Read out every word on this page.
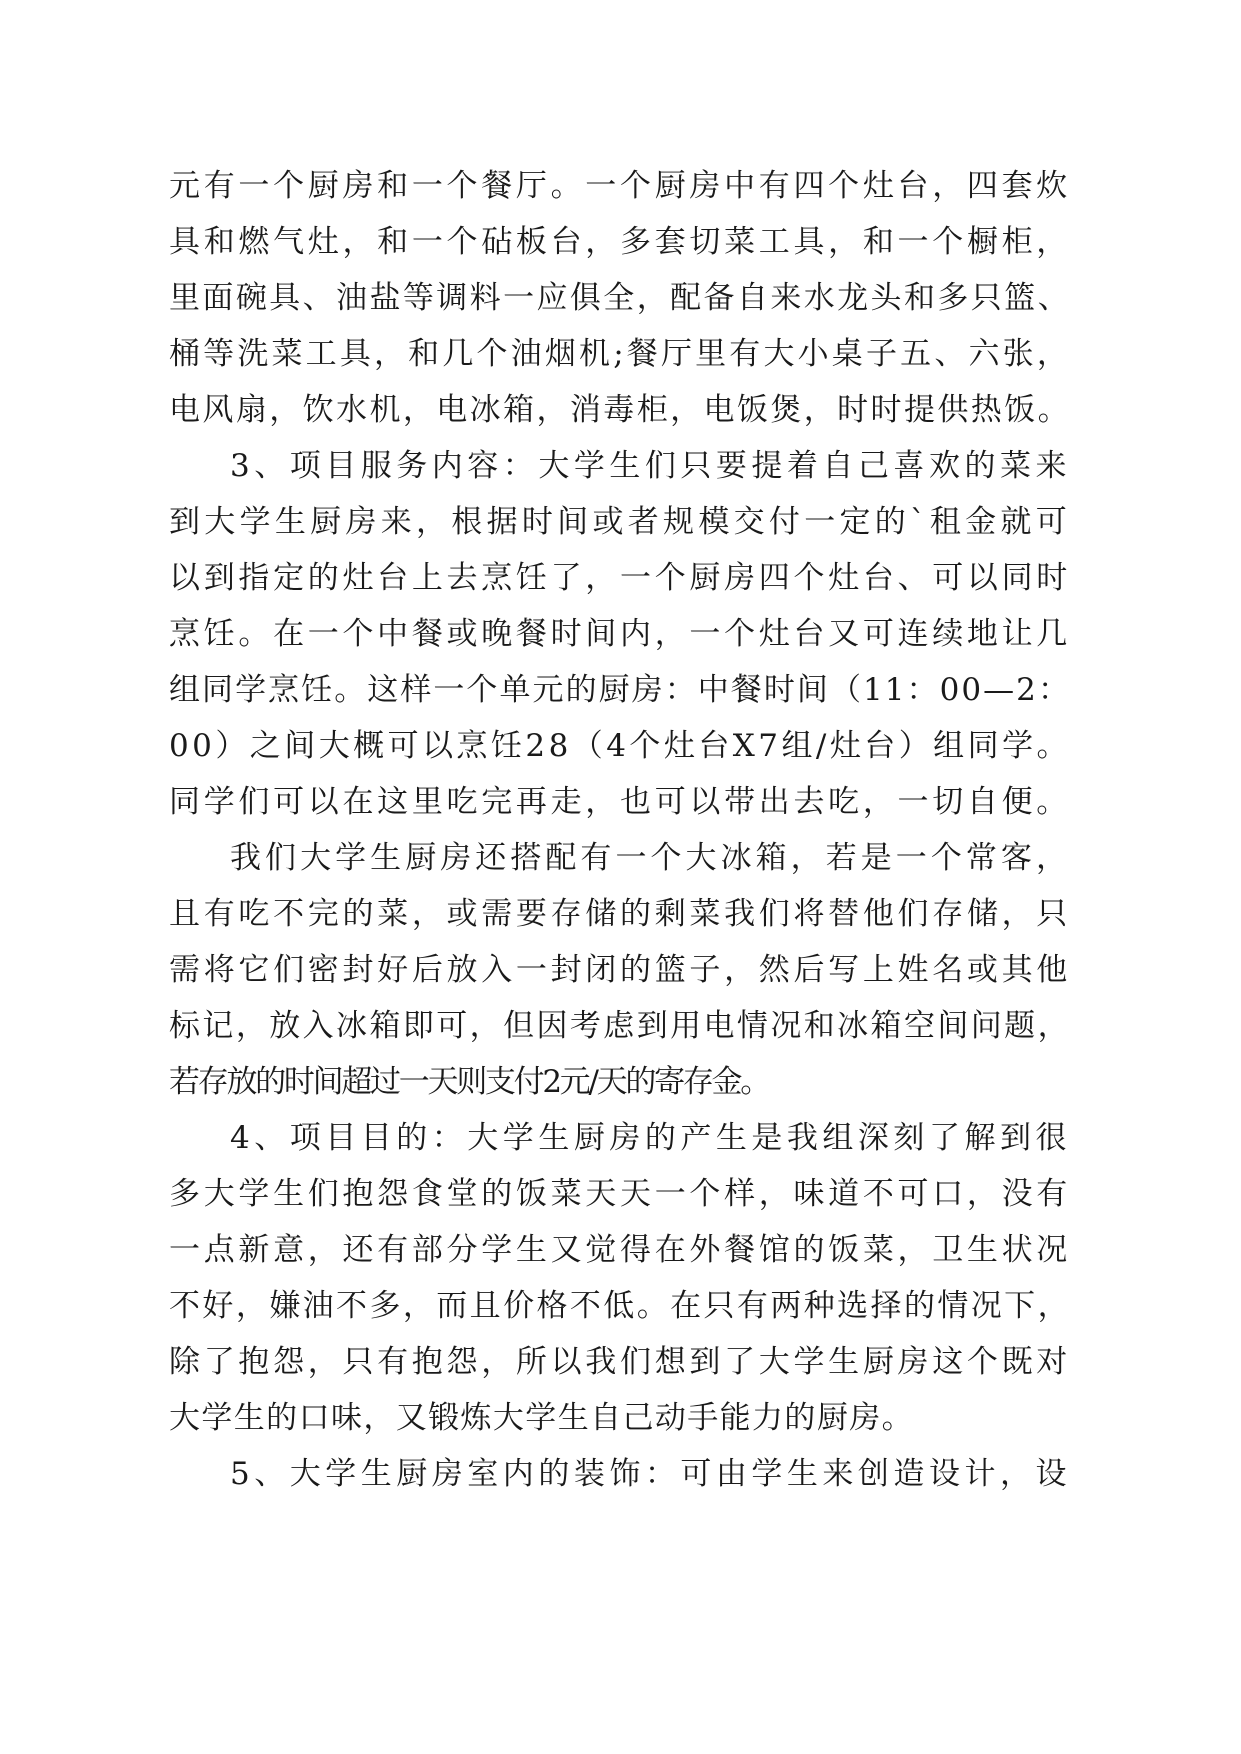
元有一个厨房和一个餐厅。一个厨房中有四个灶台，四套炊
具和燃气灶，和一个砧板台，多套切菜工具，和一个橱柜，
里面碗具、油盐等调料一应俱全，配备自来水龙头和多只篮、
桶等洗菜工具，和几个油烟机;餐厅里有大小桌子五、六张，
电风扇，饮水机，电冰箱，消毒柜，电饭煲，时时提供热饭。
3、项目服务内容：大学生们只要提着自己喜欢的菜来
到大学生厨房来，根据时间或者规模交付一定的`租金就可
以到指定的灶台上去烹饪了，一个厨房四个灶台、可以同时
烹饪。在一个中餐或晚餐时间内，一个灶台又可连续地让几
组同学烹饪。这样一个单元的厨房：中餐时间（11：00—2：
00）之间大概可以烹饪28（4个灶台X7组/灶台）组同学。
同学们可以在这里吃完再走，也可以带出去吃，一切自便。
我们大学生厨房还搭配有一个大冰箱，若是一个常客，
且有吃不完的菜，或需要存储的剩菜我们将替他们存储，只
需将它们密封好后放入一封闭的篮子，然后写上姓名或其他
标记，放入冰箱即可，但因考虑到用电情况和冰箱空间问题，
若存放的时间超过一天则支付2元/天的寄存金。
4、项目目的：大学生厨房的产生是我组深刻了解到很
多大学生们抱怨食堂的饭菜天天一个样，味道不可口，没有
一点新意，还有部分学生又觉得在外餐馆的饭菜，卫生状况
不好，嫌油不多，而且价格不低。在只有两种选择的情况下，
除了抱怨，只有抱怨，所以我们想到了大学生厨房这个既对
大学生的口味，又锻炼大学生自己动手能力的厨房。
5、大学生厨房室内的装饰：可由学生来创造设计，设
